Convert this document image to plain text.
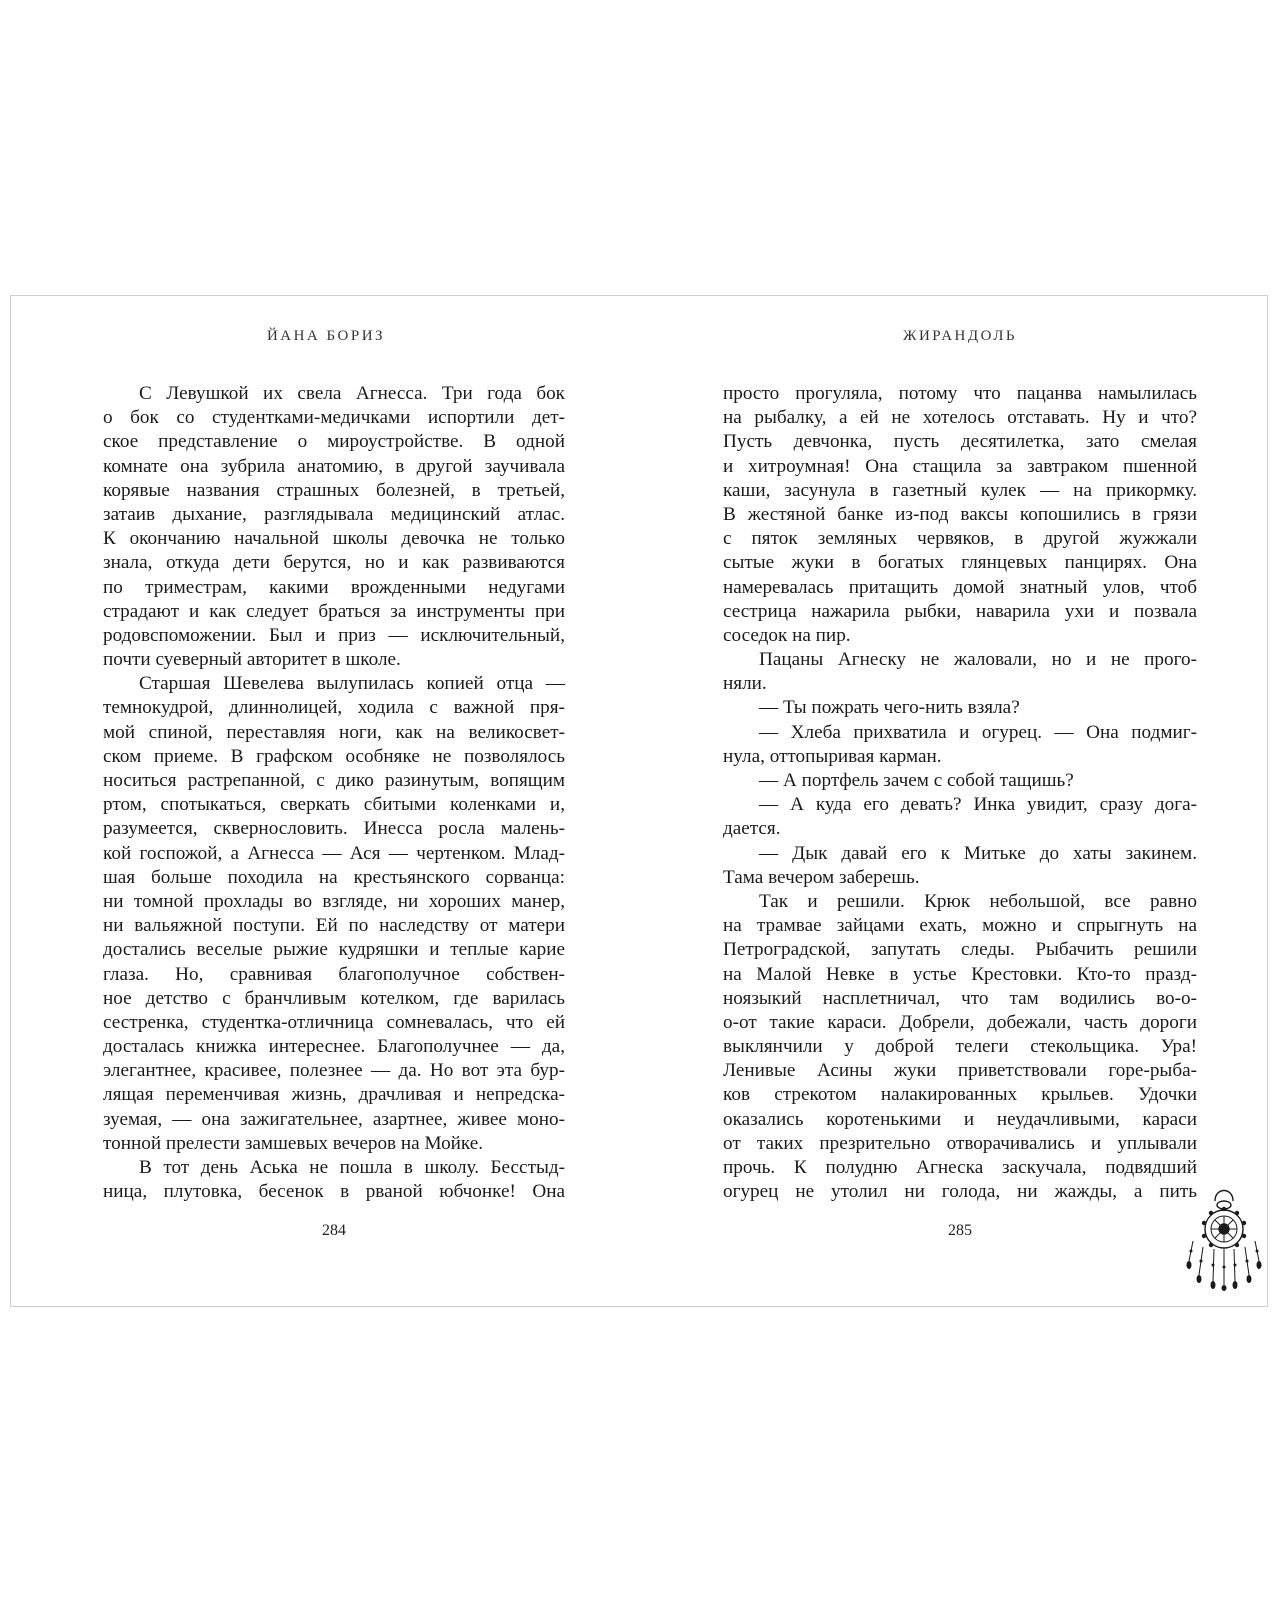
ЙАНА БОРИЗ
С Левушкой их свела Агнесса. Три года бок
о бок со студентками-медичками испортили дет-
ское представление о мироустройстве. В одной
комнате она зубрила анатомию, в другой заучивала
корявые названия страшных болезней, в третьей,
затаив дыхание, разглядывала медицинский атлас.
К окончанию начальной школы девочка не только
знала, откуда дети берутся, но и как развиваются
по триместрам, какими врожденными недугами
страдают и как следует браться за инструменты при
родовспоможении. Был и приз — исключительный,
почти суеверный авторитет в школе.
Старшая Шевелева вылупилась копией отца —
темнокудрой, длиннолицей, ходила с важной пря-
мой спиной, переставляя ноги, как на великосвет-
ском приеме. В графском особняке не позволялось
носиться растрепанной, с дико разинутым, вопящим
ртом, спотыкаться, сверкать сбитыми коленками и,
разумеется, сквернословить. Инесса росла малень-
кой госпожой, а Агнесса — Ася — чертенком. Млад-
шая больше походила на крестьянского сорванца:
ни томной прохлады во взгляде, ни хороших манер,
ни вальяжной поступи. Ей по наследству от матери
достались веселые рыжие кудряшки и теплые карие
глаза. Но, сравнивая благополучное собствен-
ное детство с бранчливым котелком, где варилась
сестренка, студентка-отличница сомневалась, что ей
досталась книжка интереснее. Благополучнее — да,
элегантнее, красивее, полезнее — да. Но вот эта бур-
лящая переменчивая жизнь, драчливая и непредска-
зуемая, — она зажигательнее, азартнее, живее моно-
тонной прелести замшевых вечеров на Мойке.
В тот день Аська не пошла в школу. Бесстыд-
ница, плутовка, бесенок в рваной юбчонке! Она
284
ЖИРАНДОЛЬ
просто прогуляла, потому что пацанва намылилась
на рыбалку, а ей не хотелось отставать. Ну и что?
Пусть девчонка, пусть десятилетка, зато смелая
и хитроумная! Она стащила за завтраком пшенной
каши, засунула в газетный кулек — на прикормку.
В жестяной банке из-под ваксы копошились в грязи
с пяток земляных червяков, в другой жужжали
сытые жуки в богатых глянцевых панцирях. Она
намеревалась притащить домой знатный улов, чтоб
сестрица нажарила рыбки, наварила ухи и позвала
соседок на пир.
Пацаны Агнеску не жаловали, но и не прого-
няли.
— Ты пожрать чего-нить взяла?
— Хлеба прихватила и огурец. — Она подмиг-
нула, оттопыривая карман.
— А портфель зачем с собой тащишь?
— А куда его девать? Инка увидит, сразу дога-
дается.
— Дык давай его к Митьке до хаты закинем.
Тама вечером заберешь.
Так и решили. Крюк небольшой, все равно
на трамвае зайцами ехать, можно и спрыгнуть на
Петроградской, запутать следы. Рыбачить решили
на Малой Невке в устье Крестовки. Кто-то празд-
ноязыкий насплетничал, что там водились во-о-
о-от такие караси. Добрели, добежали, часть дороги
выклянчили у доброй телеги стекольщика. Ура!
Ленивые Асины жуки приветствовали горе-рыба-
ков стрекотом налакированных крыльев. Удочки
оказались коротенькими и неудачливыми, караси
от таких презрительно отворачивались и уплывали
прочь. К полудню Агнеска заскучала, подвядший
огурец не утолил ни голода, ни жажды, а пить
285
